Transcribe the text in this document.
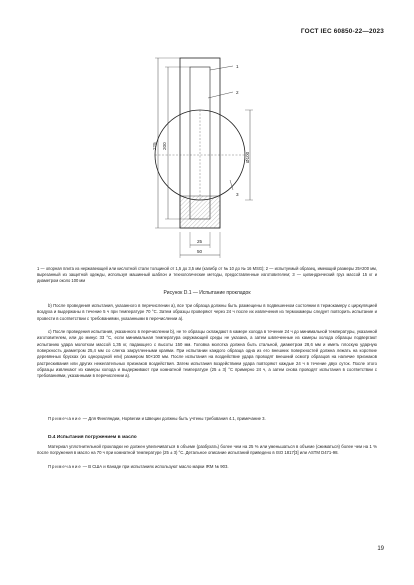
ГОСТ IEC 60850-22—2023
1
2
3
225 200
Ø100
25
50

1 — опорная плита из нержавеющей или кислотной стали толщиной от 1,5 до 3,5 мм (калибр от № 10 до № 16 MSG); 2 — испытуемый образец, имеющий размеры 25×200 мм, вырезанный из защитной одежды, используя машинный шаблон и технологические методы, предоставленные изготовителем; 3 — цилиндрический груз массой 15 кг и диаметром около 100 мм

Рисунок D.1 — Испытание прокладок

b) После проведения испытания, указанного в перечислении а), все три образца должны быть размещены в подвешенном состоянии в термокамеру с циркуляцией воздуха и выдержаны в течение 5 ч при температуре 70 °С. Затем образцы проверяют через 24 ч после их извлечения из термокамеры следует повторить испытание и провести в соответствии с требованиями, указанными в перечислении а).

c) После проведения испытания, указанного в перечислении b), не те образцы охлаждают в камере холода в течение 24 ч до минимальной температуры, указанной изготовителем, или до минус 33 °С, если минимальная температура окружающей среды не указана, а затем швлеченные из камеры холода образцы подвергают испытанию удара молотком массой 1,35 кг, падающего с высоты 150 мм. Головка молотка должна быть стальной, диаметром 28,6 мм и иметь плоскую ударную поверхность диаметром 25,4 мм со слегка закругленными краями. При испытании каждого образца одна из его внешних поверхностей должна лежать на короткие деревянных брусках (из однородной ели) размером 50×100 мм. После испытания на воздействие удара проводят внешний осмотр образцов на наличие признаков растрескивания или других нежелательных признаков воздействия. Затем испытания воздействием удара повторяют каждые 24 ч в течение двух суток. После этого образцы извлекают из камеры холода и выдерживают при комнатной температуре (25 ± 3) °С примерно 24 ч, а затем снова проводят испытания в соответствии с требованиями, указанными в перечислении а).

Примечание — Для Финляндии, Норвегии и Швеции должны быть учтены требования 4.1, примечание 3.

D.4 Испытания погружением в масло

Материал уплотнительной прокладки не должен увеличиваться в объеме (разбухать) более чем на 25 % или уменьшаться в объеме (сжиматься) более чем на 1 % после погружения в масло на 70 ч при комнатной температуре (25 ± 3) °С. Детальное описание испытаний приведено в ISO 1817[3] или ASTM D471-98.

Примечание — В США и Канаде при испытаниях используют масло марки IRM № 903.

19
